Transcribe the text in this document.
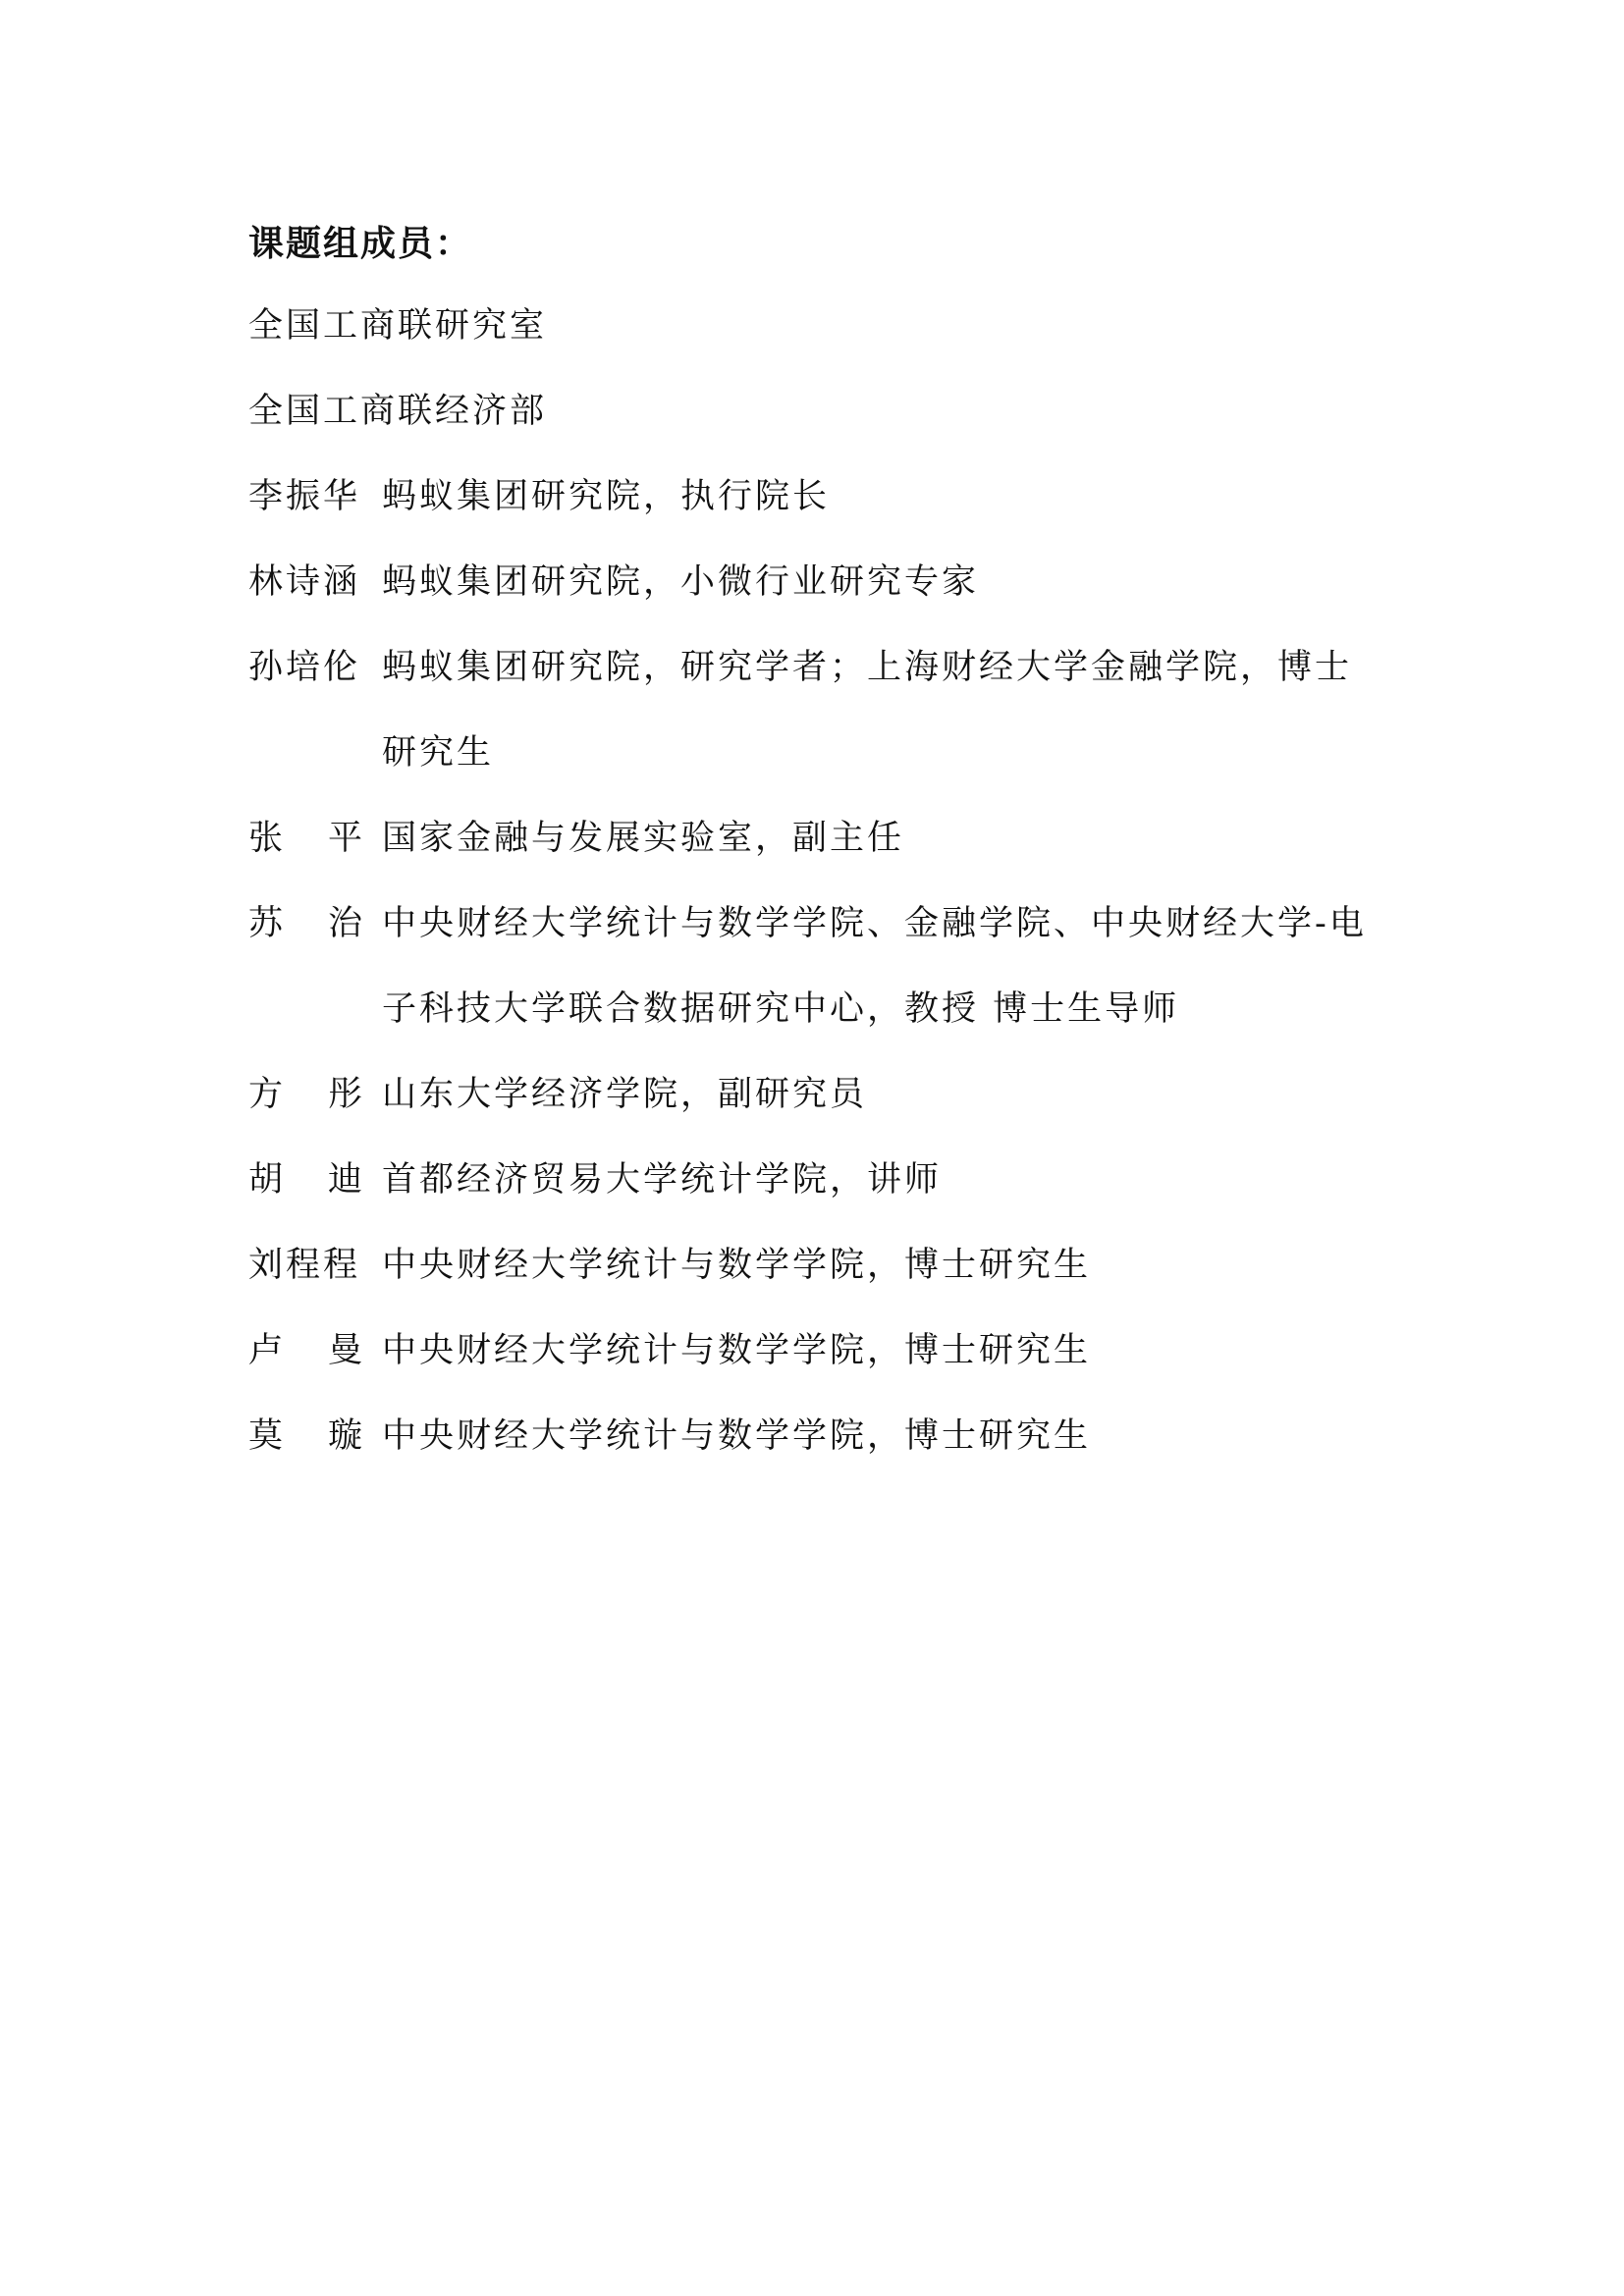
课题组成员：
全国工商联研究室
全国工商联经济部
李振华 蚂蚁集团研究院，执行院长
林诗涵 蚂蚁集团研究院，小微行业研究专家
孙培伦 蚂蚁集团研究院，研究学者；上海财经大学金融学院，博士研究生
张 平 国家金融与发展实验室，副主任
苏 治 中央财经大学统计与数学学院、金融学院、中央财经大学-电子科技大学联合数据研究中心，教授 博士生导师
方 彤 山东大学经济学院，副研究员
胡 迪 首都经济贸易大学统计学院，讲师
刘程程 中央财经大学统计与数学学院，博士研究生
卢 曼 中央财经大学统计与数学学院，博士研究生
莫 璇 中央财经大学统计与数学学院，博士研究生
